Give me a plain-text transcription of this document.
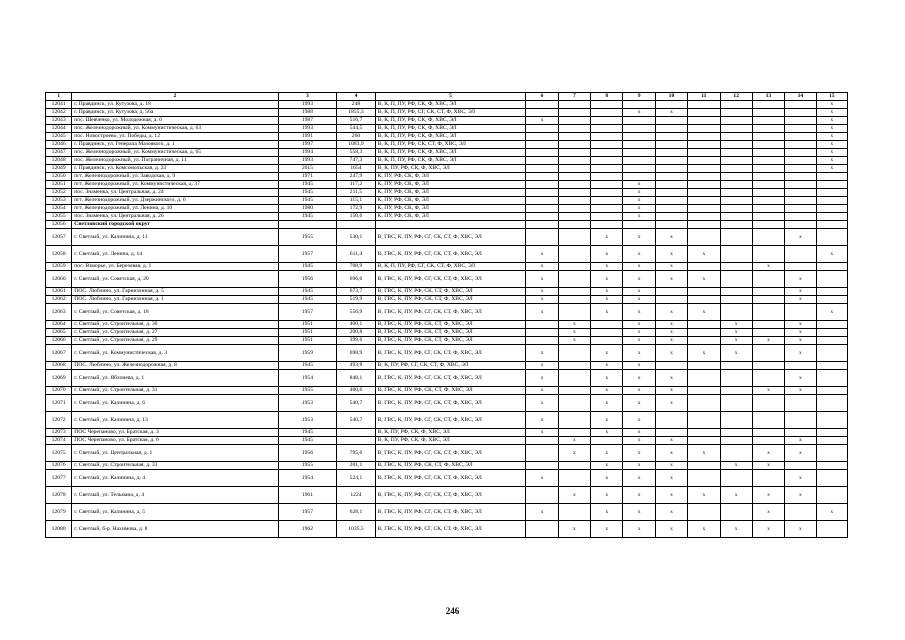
1	2	3	4	5	6	7	8	9	10	11	12	13	14	15
12041	г. Правдинск, ул. Кутузова, д. 18	1993	248	В, К, П, ПУ, РФ, СК, Ф, ХВС, ЭЛ										x
12042	г. Правдинск, ул. Кутузова, д. 56а	1988	1855,3	В, К, П, ПУ, РФ, СГ, СК, СТ, Ф, ХВС, ЭЛ				x	x					x
12043	пос. Шевченко, ул. Молодежная, д. 6	1987	516,7	В, К, П, ПУ, РФ, СК, Ф, ХВС, ЭЛ	x									x
12044	пос. Железнодорожный, ул. Коммунистическая, д. 63	1993	544,5	В, К, П, ПУ, РФ, СК, Ф, ХВС, ЭЛ										x
12045	пос. Новостроево, ул. Победы, д. 12	1991	260	В, К, П, ПУ, РФ, СК, Ф, ХВС, ЭЛ										x
12046	г. Правдинск, ул. Генерала Мазоякого, д. 1	1997	1083,9	В, К, П, ПУ, РФ, СК, СТ, Ф, ХВС, ЭЛ										x
12047	пос. Железнодорожный, ул. Коммунистическая, д. 65	1994	558,3	В, К, П, ПУ, РФ, СК, Ф, ХВС, ЭЛ										x
12048	пос. Железнодорожный, ул. Пограничная, д. 11	1993	747,3	В, К, П, ПУ, РФ, СК, Ф, ХВС, ЭЛ										x
12049	г. Правдинск, ул. Комсомольская, д. 23	2015	1654	В, К, ПУ, РФ, СК, Ф, ХВС, ЭЛ										x
12050	пгт. Железнодорожный, ул. Заводская, д. 9	1971	247,9	К, ПУ, РФ, СК, Ф, ЭЛ										
12051	пгт. Железнодорожный, ул. Коммунистическая, д. 37	1945	117,2	К, ПУ, РФ, СК, Ф, ЭЛ				x						
12052	пос. Знаменка, ул. Центральная, д. 24	1945	211,5	К, ПУ, РФ, СК, Ф, ЭЛ				x						
12053	пгт. Железнодорожный, ул. Дзержинского, д. 6	1945	115,1	К, ПУ, РФ, СК, Ф, ЭЛ				x						
12054	пгт. Железнодорожный, ул. Ленина, д. 10	1980	172,9	К, ПУ, РФ, СК, Ф, ЭЛ				x						
12055	пос. Знаменка, ул. Центральная, д. 26	1945	150,6	К, ПУ, РФ, СК, Ф, ЭЛ				x						
12056	Светловский городской округ													
12057	г. Светлый, ул. Калинина, д. 11	1955	530,1	В, ГВС, К, ПУ, РФ, СГ, СК, СТ, Ф, ХВС, ЭЛ			x	x	x				x	
12058	г. Светлый, ул. Ленина, д. 14	1957	611,4	В, ГВС, К, ПУ, РФ, СГ, СК, СТ, Ф, ХВС, ЭЛ	x		x	x	x	x				x
12059	пос. Взморье, ул. Березовая, д. 1	1945	708,9	В, К, П, ПУ, РФ, СГ, СК, СТ, Ф, ХВС, ЭЛ	x		x	x	x			x		
12060	г. Светлый, ул. Советская, д. 20	1956	696,6	В, ГВС, К, ПУ, РФ, СГ, СК, СТ, Ф, ХВС, ЭЛ	x		x	x	x	x			x	
12061	ПОС. Люблино, ул. Гарнизонная, д. 5	1945	673,7	В, ГВС, К, ПУ, РФ, СК, СТ, Ф, ХВС, ЭЛ	x		x	x					x	
12062	ПОС. Люблино, ул. Гарнизонная, д. 1	1945	519,9	В, ГВС, К, ПУ, РФ, СК, СТ, Ф, ХВС, ЭЛ	x		x	x					x	
12063	г. Светлый, ул. Советская, д. 18	1957	556,9	В, ГВС, К, ПУ, РФ, СГ, СК, СТ, Ф, ХВС, ЭЛ	x		x	x	x	x				x
12064	г. Светлый, ул. Строительная, д. 30	1951	400,1	В, ГВС, К, ПУ, РФ, СК, СТ, Ф, ХВС, ЭЛ		x		x	x		x		x	
12065	г. Светлый, ул. Строительная, д. 27	1951	200,8	В, ГВС, К, ПУ, РФ, СК, СТ, Ф, ХВС, ЭЛ		x		x	x		x		x	
12066	г. Светлый, ул. Строительная, д. 29	1951	399,6	В, ГВС, К, ПУ, РФ, СК, СТ, Ф, ХВС, ЭЛ		x		x	x		x	x	x	
12067	г. Светлый, ул. Коммунистическая, д. 3	1959	698,9	В, ГВС, К, ПУ, РФ, СГ, СК, СТ, Ф, ХВС, ЭЛ	x		x	x	x	x	x		x	
12068	ПОС. Люблино, ул. Железнодорожная, д. 8	1945	493,8	В, К, ПУ, РФ, СГ, СК, СТ, Ф, ХВС, ЭЛ	x		x	x						
12069	г. Светлый, ул. Яблонева, д. 1	1954	848,1	В, ГВС, К, ПУ, РФ, СГ, СК, СТ, Ф, ХВС, ЭЛ	x		x	x	x				x	
12070	г. Светлый, ул. Строительная, д. 31	1955	400,6	В, ГВС, К, ПУ, РФ, СК, СТ, Ф, ХВС, ЭЛ	x		x	x	x			x	x	
12071	г. Светлый, ул. Калинина, д. 6	1953	540,7	В, ГВС, К, ПУ, РФ, СГ, СК, СТ, Ф, ХВС, ЭЛ	x		x	x	x					
12072	г. Светлый, ул. Калинина, д. 13	1953	540,7	В, ГВС, К, ПУ, РФ, СГ, СК, СТ, Ф, ХВС, ЭЛ	x		x	x						
12073	ПОС Черепаново, ул. Братская, д. 3	1945		В, К, ПУ, РФ, СК, Ф, ХВС, ЭЛ	x		x	x						
12074	ПОС Черепаново, ул. Братская, д. 6	1945		В, К, ПУ, РФ, СК, Ф, ХВС, ЭЛ		x		x	x				x	
12075	г. Светлый, ул. Центральная, д. 1	1956	795,6	В, ГВС, К, ПУ, РФ, СГ, СК, СТ, Ф, ХВС, ЭЛ		x	x	x	x	x		x	x	
12076	г. Светлый, ул. Строительная, д. 33	1955	201,1	В, ГВС, К, ПУ, РФ, СК, СТ, Ф, ХВС, ЭЛ			x	x	x		x	x		
12077	г. Светлый, ул. Калинина, д. 4	1954	524,1	В, ГВС, К, ПУ, РФ, СГ, СК, СТ, Ф, ХВС, ЭЛ	x		x	x	x				x	
12078	г. Светлый, ул. Тельмана, д. 4	1961	1224	В, ГВС, К, ПУ, РФ, СГ, СК, СТ, Ф, ХВС, ЭЛ		x	x	x	x	x	x	x	x	
12079	г. Светлый, ул. Калинина, д. 5	1957	628,1	В, ГВС, К, ПУ, РФ, СГ, СК, СТ, Ф, ХВС, ЭЛ	x		x	x	x			x		x
12080	г. Светлый, б-р. Нахимова, д. 8	1962	1035,5	В, ГВС, К, ПУ, РФ, СГ, СК, СТ, Ф, ХВС, ЭЛ		x	x	x	x	x	x	x	x	
246
